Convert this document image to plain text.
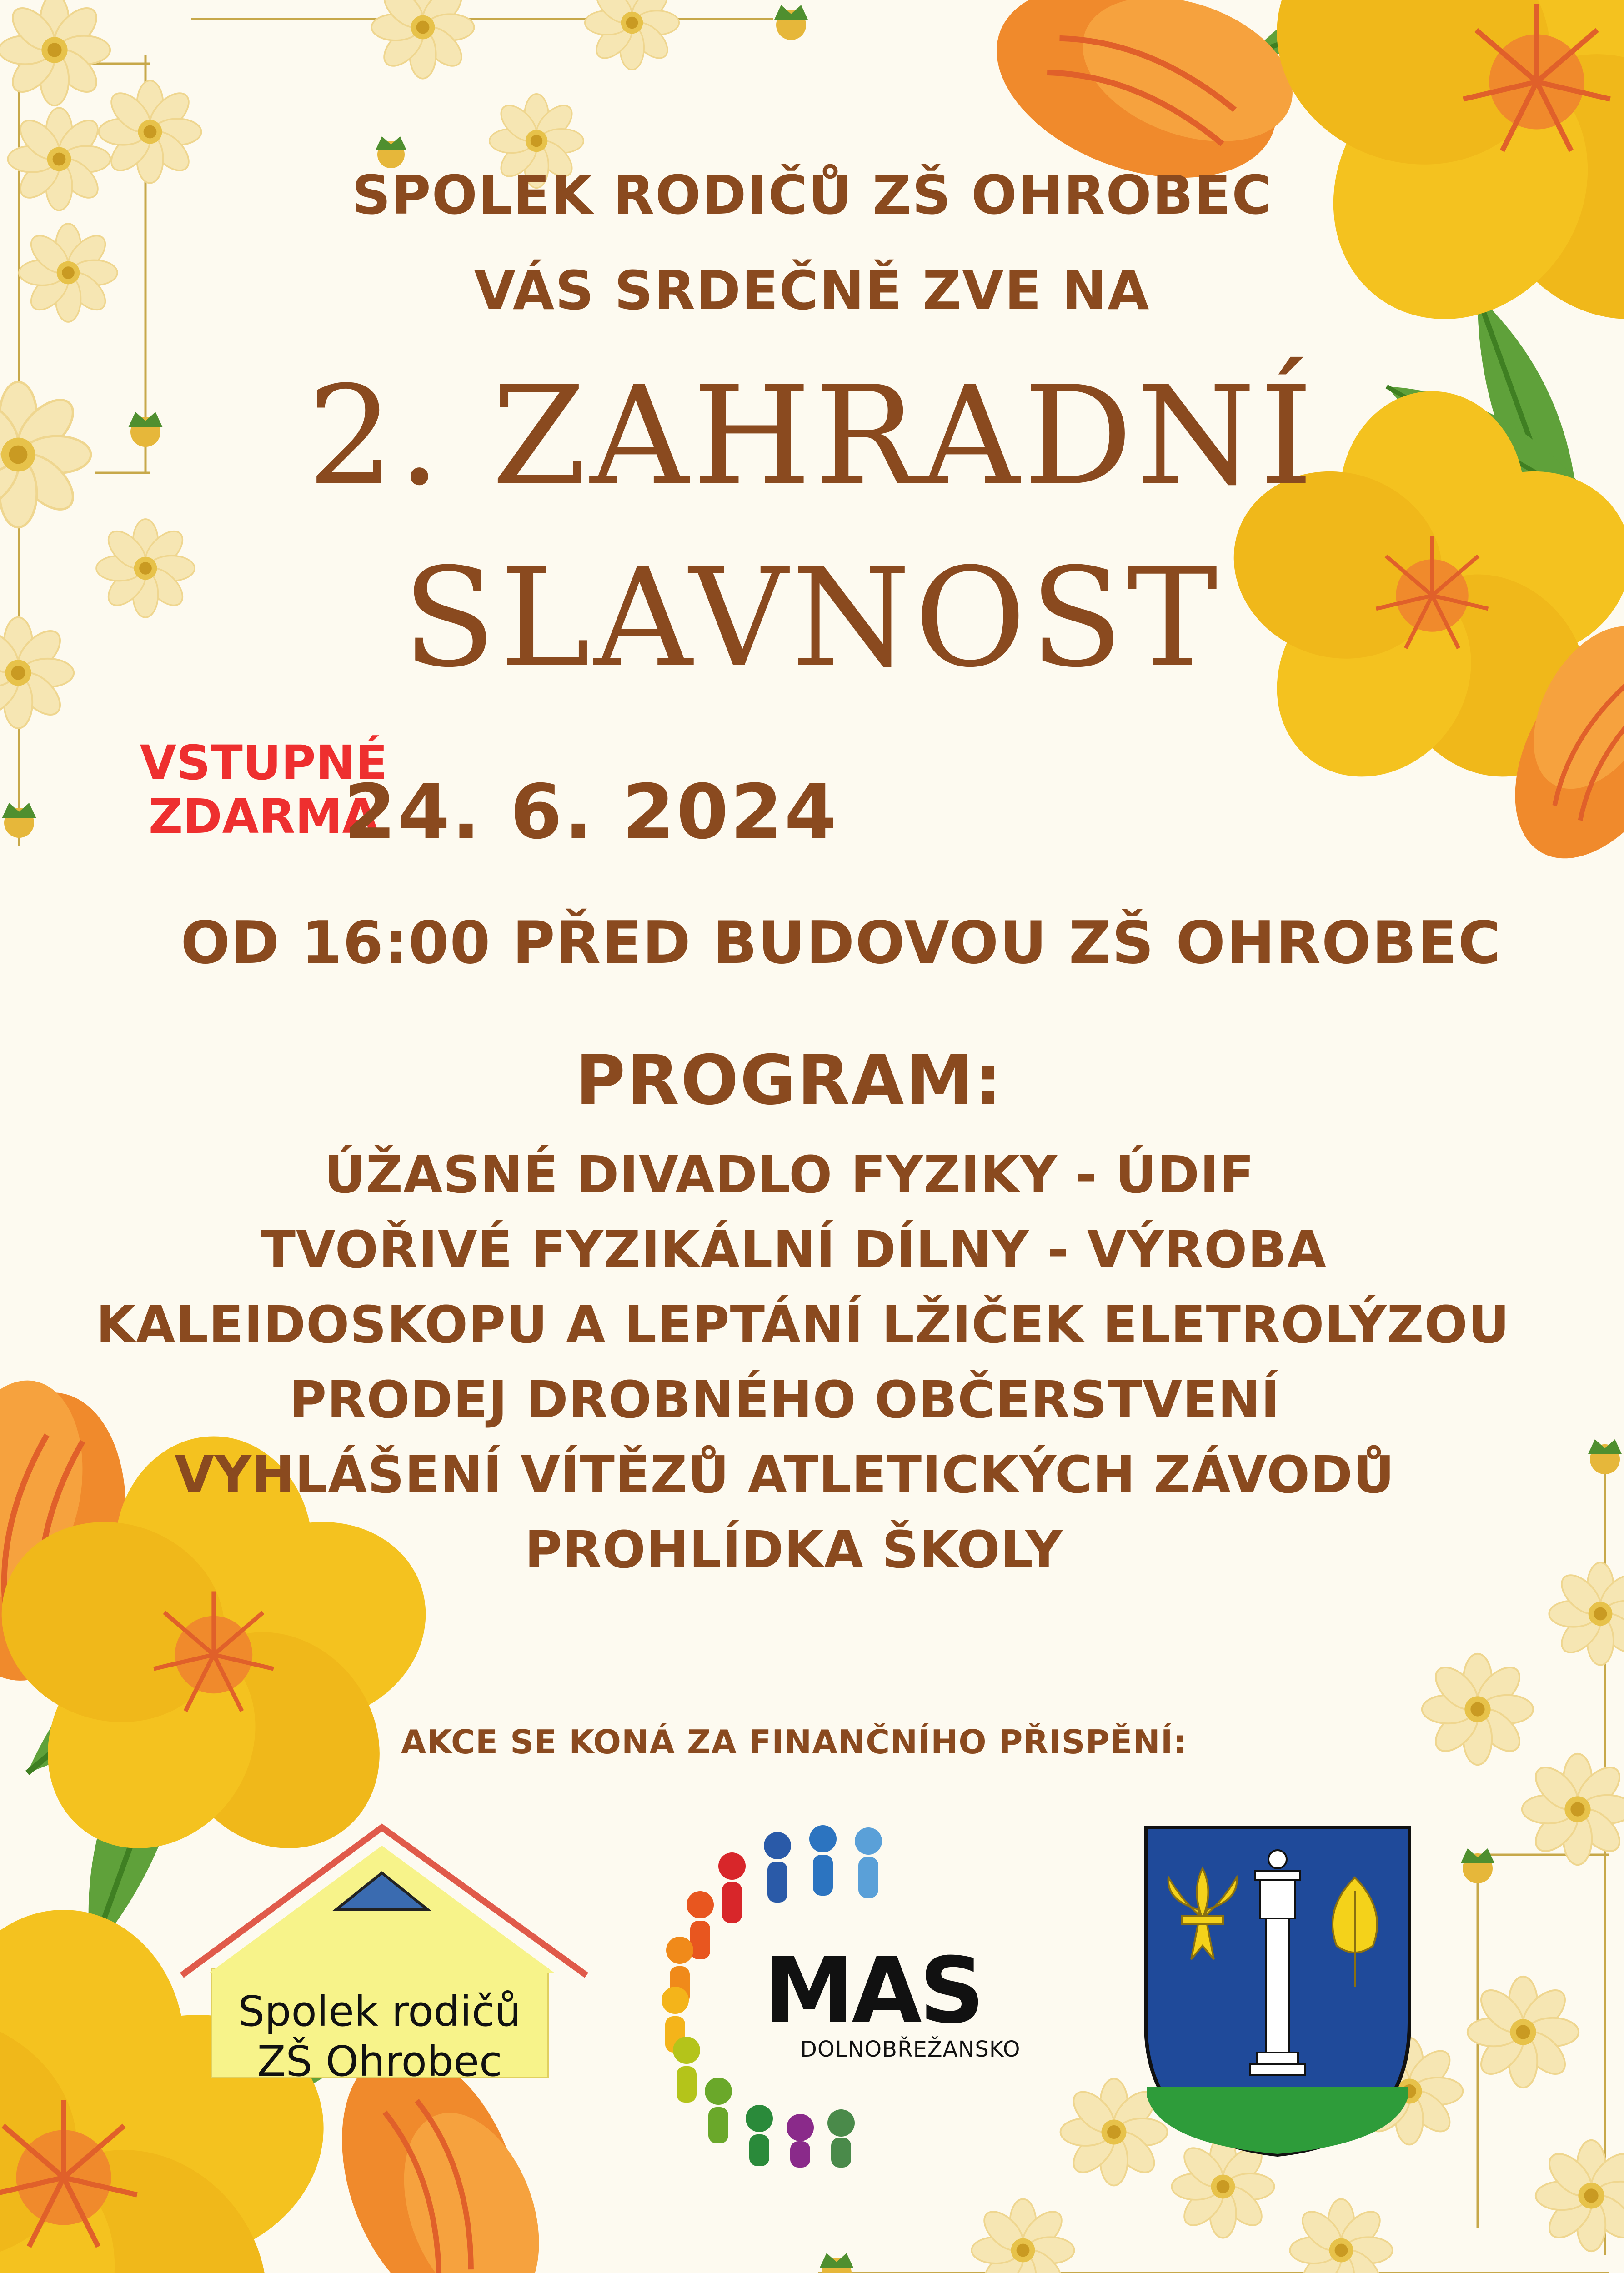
SPOLEK RODIČŮ ZŠ OHROBEC
VÁS SRDEČNĚ ZVE NA
2. ZAHRADNÍ
SLAVNOST
VSTUPNÉ
ZDARMA
24. 6. 2024
OD 16:00 PŘED BUDOVOU ZŠ OHROBEC
PROGRAM:
ÚŽASNÉ DIVADLO FYZIKY - ÚDIF
TVOŘIVÉ FYZIKÁLNÍ DÍLNY - VÝROBA
KALEIDOSKOPU A LEPTÁNÍ LŽIČEK ELETROLÝZOU
PRODEJ DROBNÉHO OBČERSTVENÍ
VYHLÁŠENÍ VÍTĚZŮ ATLETICKÝCH ZÁVODŮ
PROHLÍDKA ŠKOLY
AKCE SE KONÁ ZA FINANČNÍHO PŘISPĚNÍ:
Spolek rodičů
ZŠ Ohrobec
MAS
DOLNOBŘEŽANSKO
